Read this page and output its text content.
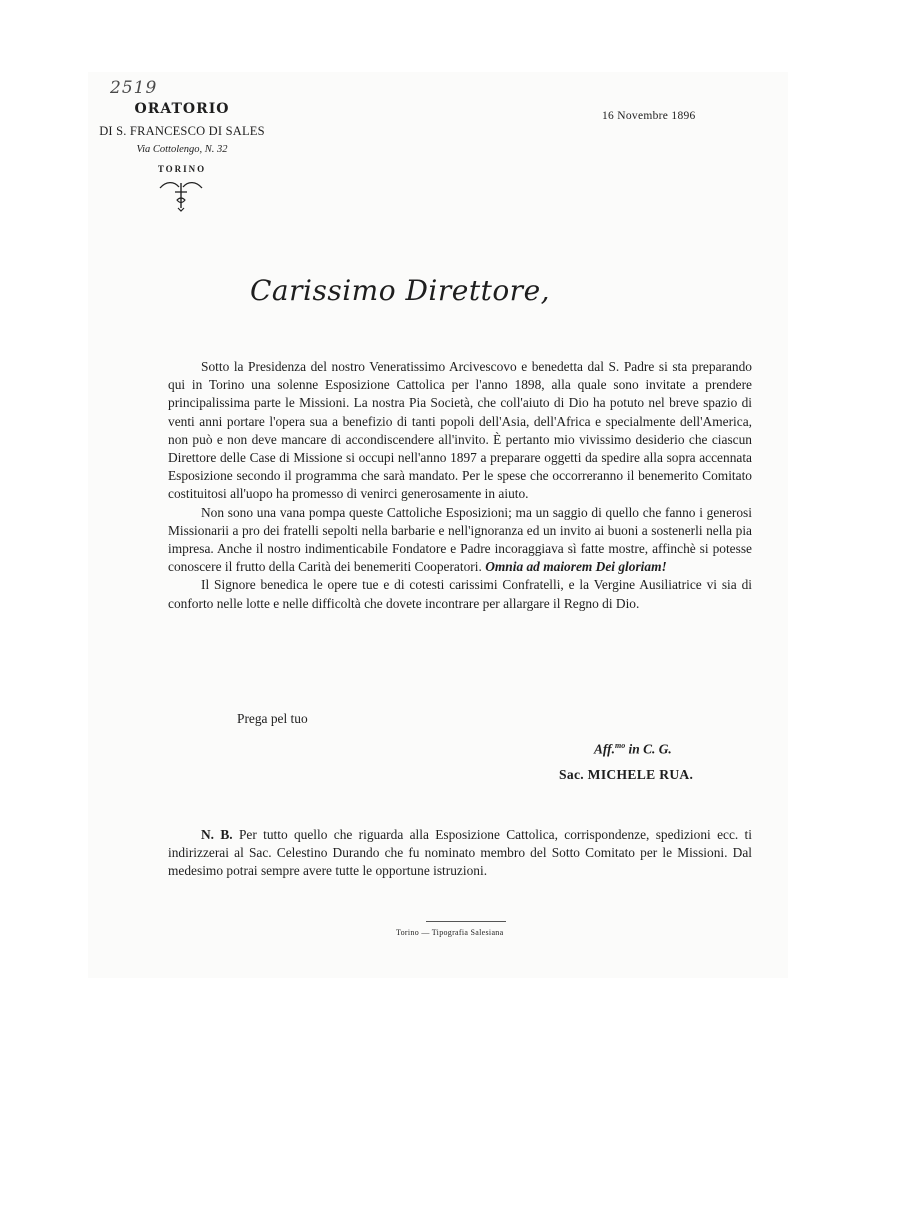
2519
ORATORIO
DI S. FRANCESCO DI SALES
Via Cottolengo, N. 32
TORINO
16 Novembre 1896
Carissimo Direttore,

Sotto la Presidenza del nostro Veneratissimo Arcivescovo e benedetta dal S. Padre si sta preparando qui in Torino una solenne Esposizione Cattolica per l'anno 1898, alla quale sono invitate a prendere principalissima parte le Missioni. La nostra Pia Società, che coll'aiuto di Dio ha potuto nel breve spazio di venti anni portare l'opera sua a benefizio di tanti popoli dell'Asia, dell'Africa e specialmente dell'America, non può e non deve mancare di accondiscendere all'invito. È pertanto mio vivissimo desiderio che ciascun Direttore delle Case di Missione si occupi nell'anno 1897 a preparare oggetti da spedire alla sopra accennata Esposizione secondo il programma che sarà mandato. Per le spese che occorreranno il benemerito Comitato costituitosi all'uopo ha promesso di venirci generosamente in aiuto.

Non sono una vana pompa queste Cattoliche Esposizioni; ma un saggio di quello che fanno i generosi Missionarii a pro dei fratelli sepolti nella barbarie e nell'ignoranza ed un invito ai buoni a sostenerli nella pia impresa. Anche il nostro indimenticabile Fondatore e Padre incoraggiava sì fatte mostre, affinchè si potesse conoscere il frutto della Carità dei benemeriti Cooperatori. Omnia ad maiorem Dei gloriam!

Il Signore benedica le opere tue e di cotesti carissimi Confratelli, e la Vergine Ausiliatrice vi sia di conforto nelle lotte e nelle difficoltà che dovete incontrare per allargare il Regno di Dio.

Prega pel tuo
Aff.$^{mo}$ in C. G.
Sac. MICHELE RUA.
N. B. Per tutto quello che riguarda alla Esposizione Cattolica, corrispondenze, spedizioni ecc. ti indirizzerai al Sac. Celestino Durando che fu nominato membro del Sotto Comitato per le Missioni. Dal medesimo potrai sempre avere tutte le opportune istruzioni.
Torino — Tipografia Salesiana
